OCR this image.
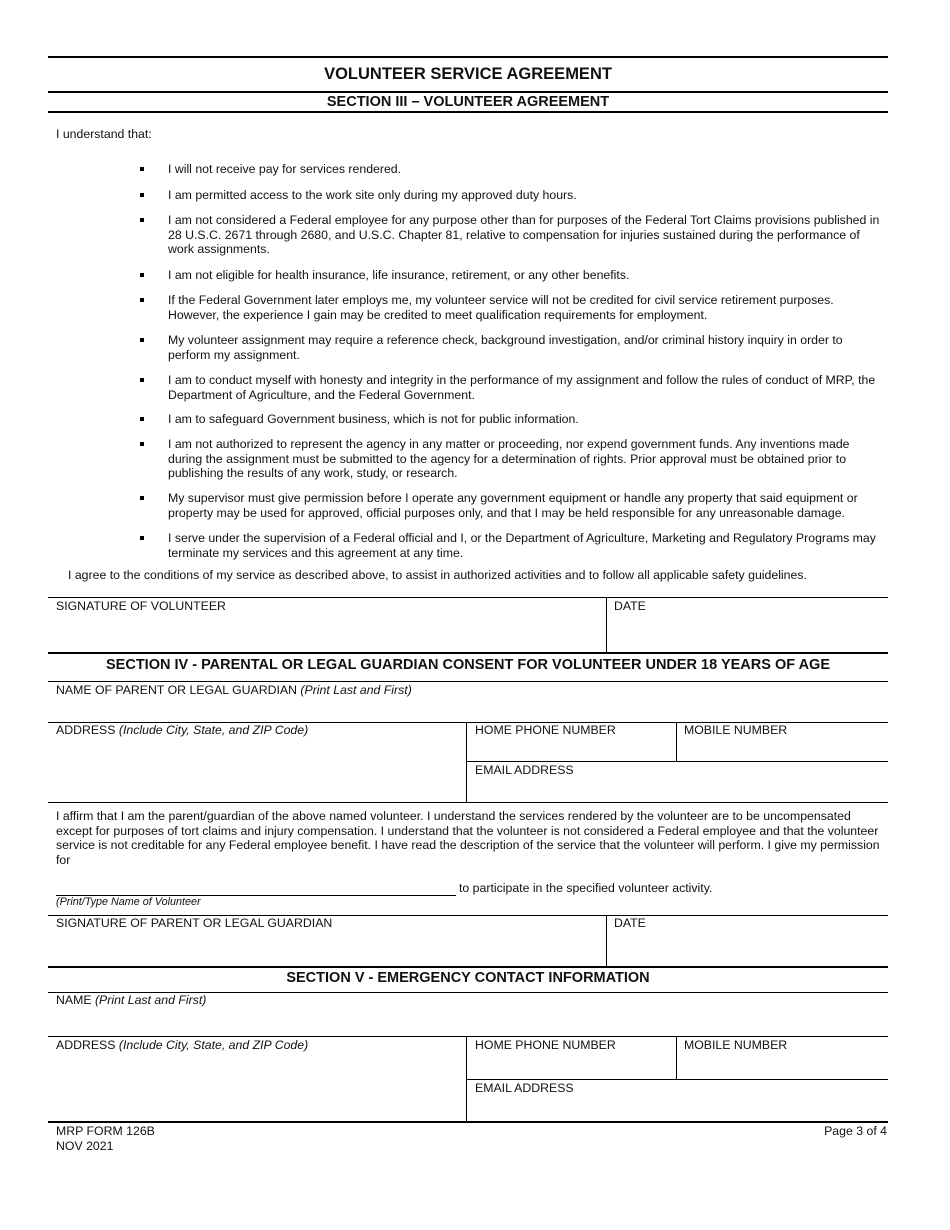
VOLUNTEER SERVICE AGREEMENT
SECTION III – VOLUNTEER AGREEMENT
I understand that:
I will not receive pay for services rendered.
I am permitted access to the work site only during my approved duty hours.
I am not considered a Federal employee for any purpose other than for purposes of the Federal Tort Claims provisions published in 28 U.S.C. 2671 through 2680, and U.S.C. Chapter 81, relative to compensation for injuries sustained during the performance of work assignments.
I am not eligible for health insurance, life insurance, retirement, or any other benefits.
If the Federal Government later employs me, my volunteer service will not be credited for civil service retirement purposes. However, the experience I gain may be credited to meet qualification requirements for employment.
My volunteer assignment may require a reference check, background investigation, and/or criminal history inquiry in order to perform my assignment.
I am to conduct myself with honesty and integrity in the performance of my assignment and follow the rules of conduct of MRP, the Department of Agriculture, and the Federal Government.
I am to safeguard Government business, which is not for public information.
I am not authorized to represent the agency in any matter or proceeding, nor expend government funds. Any inventions made during the assignment must be submitted to the agency for a determination of rights. Prior approval must be obtained prior to publishing the results of any work, study, or research.
My supervisor must give permission before I operate any government equipment or handle any property that said equipment or property may be used for approved, official purposes only, and that I may be held responsible for any unreasonable damage.
I serve under the supervision of a Federal official and I, or the Department of Agriculture, Marketing and Regulatory Programs may terminate my services and this agreement at any time.
I agree to the conditions of my service as described above, to assist in authorized activities and to follow all applicable safety guidelines.
SIGNATURE OF VOLUNTEER	DATE
SECTION IV - PARENTAL OR LEGAL GUARDIAN CONSENT FOR VOLUNTEER UNDER 18 YEARS OF AGE
NAME OF PARENT OR LEGAL GUARDIAN (Print Last and First)
ADDRESS (Include City, State, and ZIP Code)	HOME PHONE NUMBER	MOBILE NUMBER
EMAIL ADDRESS
I affirm that I am the parent/guardian of the above named volunteer. I understand the services rendered by the volunteer are to be uncompensated except for purposes of tort claims and injury compensation. I understand that the volunteer is not considered a Federal employee and that the volunteer service is not creditable for any Federal employee benefit. I have read the description of the service that the volunteer will perform. I give my permission for
to participate in the specified volunteer activity.
(Print/Type Name of Volunteer
SIGNATURE OF PARENT OR LEGAL GUARDIAN	DATE
SECTION V - EMERGENCY CONTACT INFORMATION
NAME (Print Last and First)
ADDRESS (Include City, State, and ZIP Code)	HOME PHONE NUMBER	MOBILE NUMBER
EMAIL ADDRESS
MRP FORM 126B
NOV 2021
Page 3 of 4
